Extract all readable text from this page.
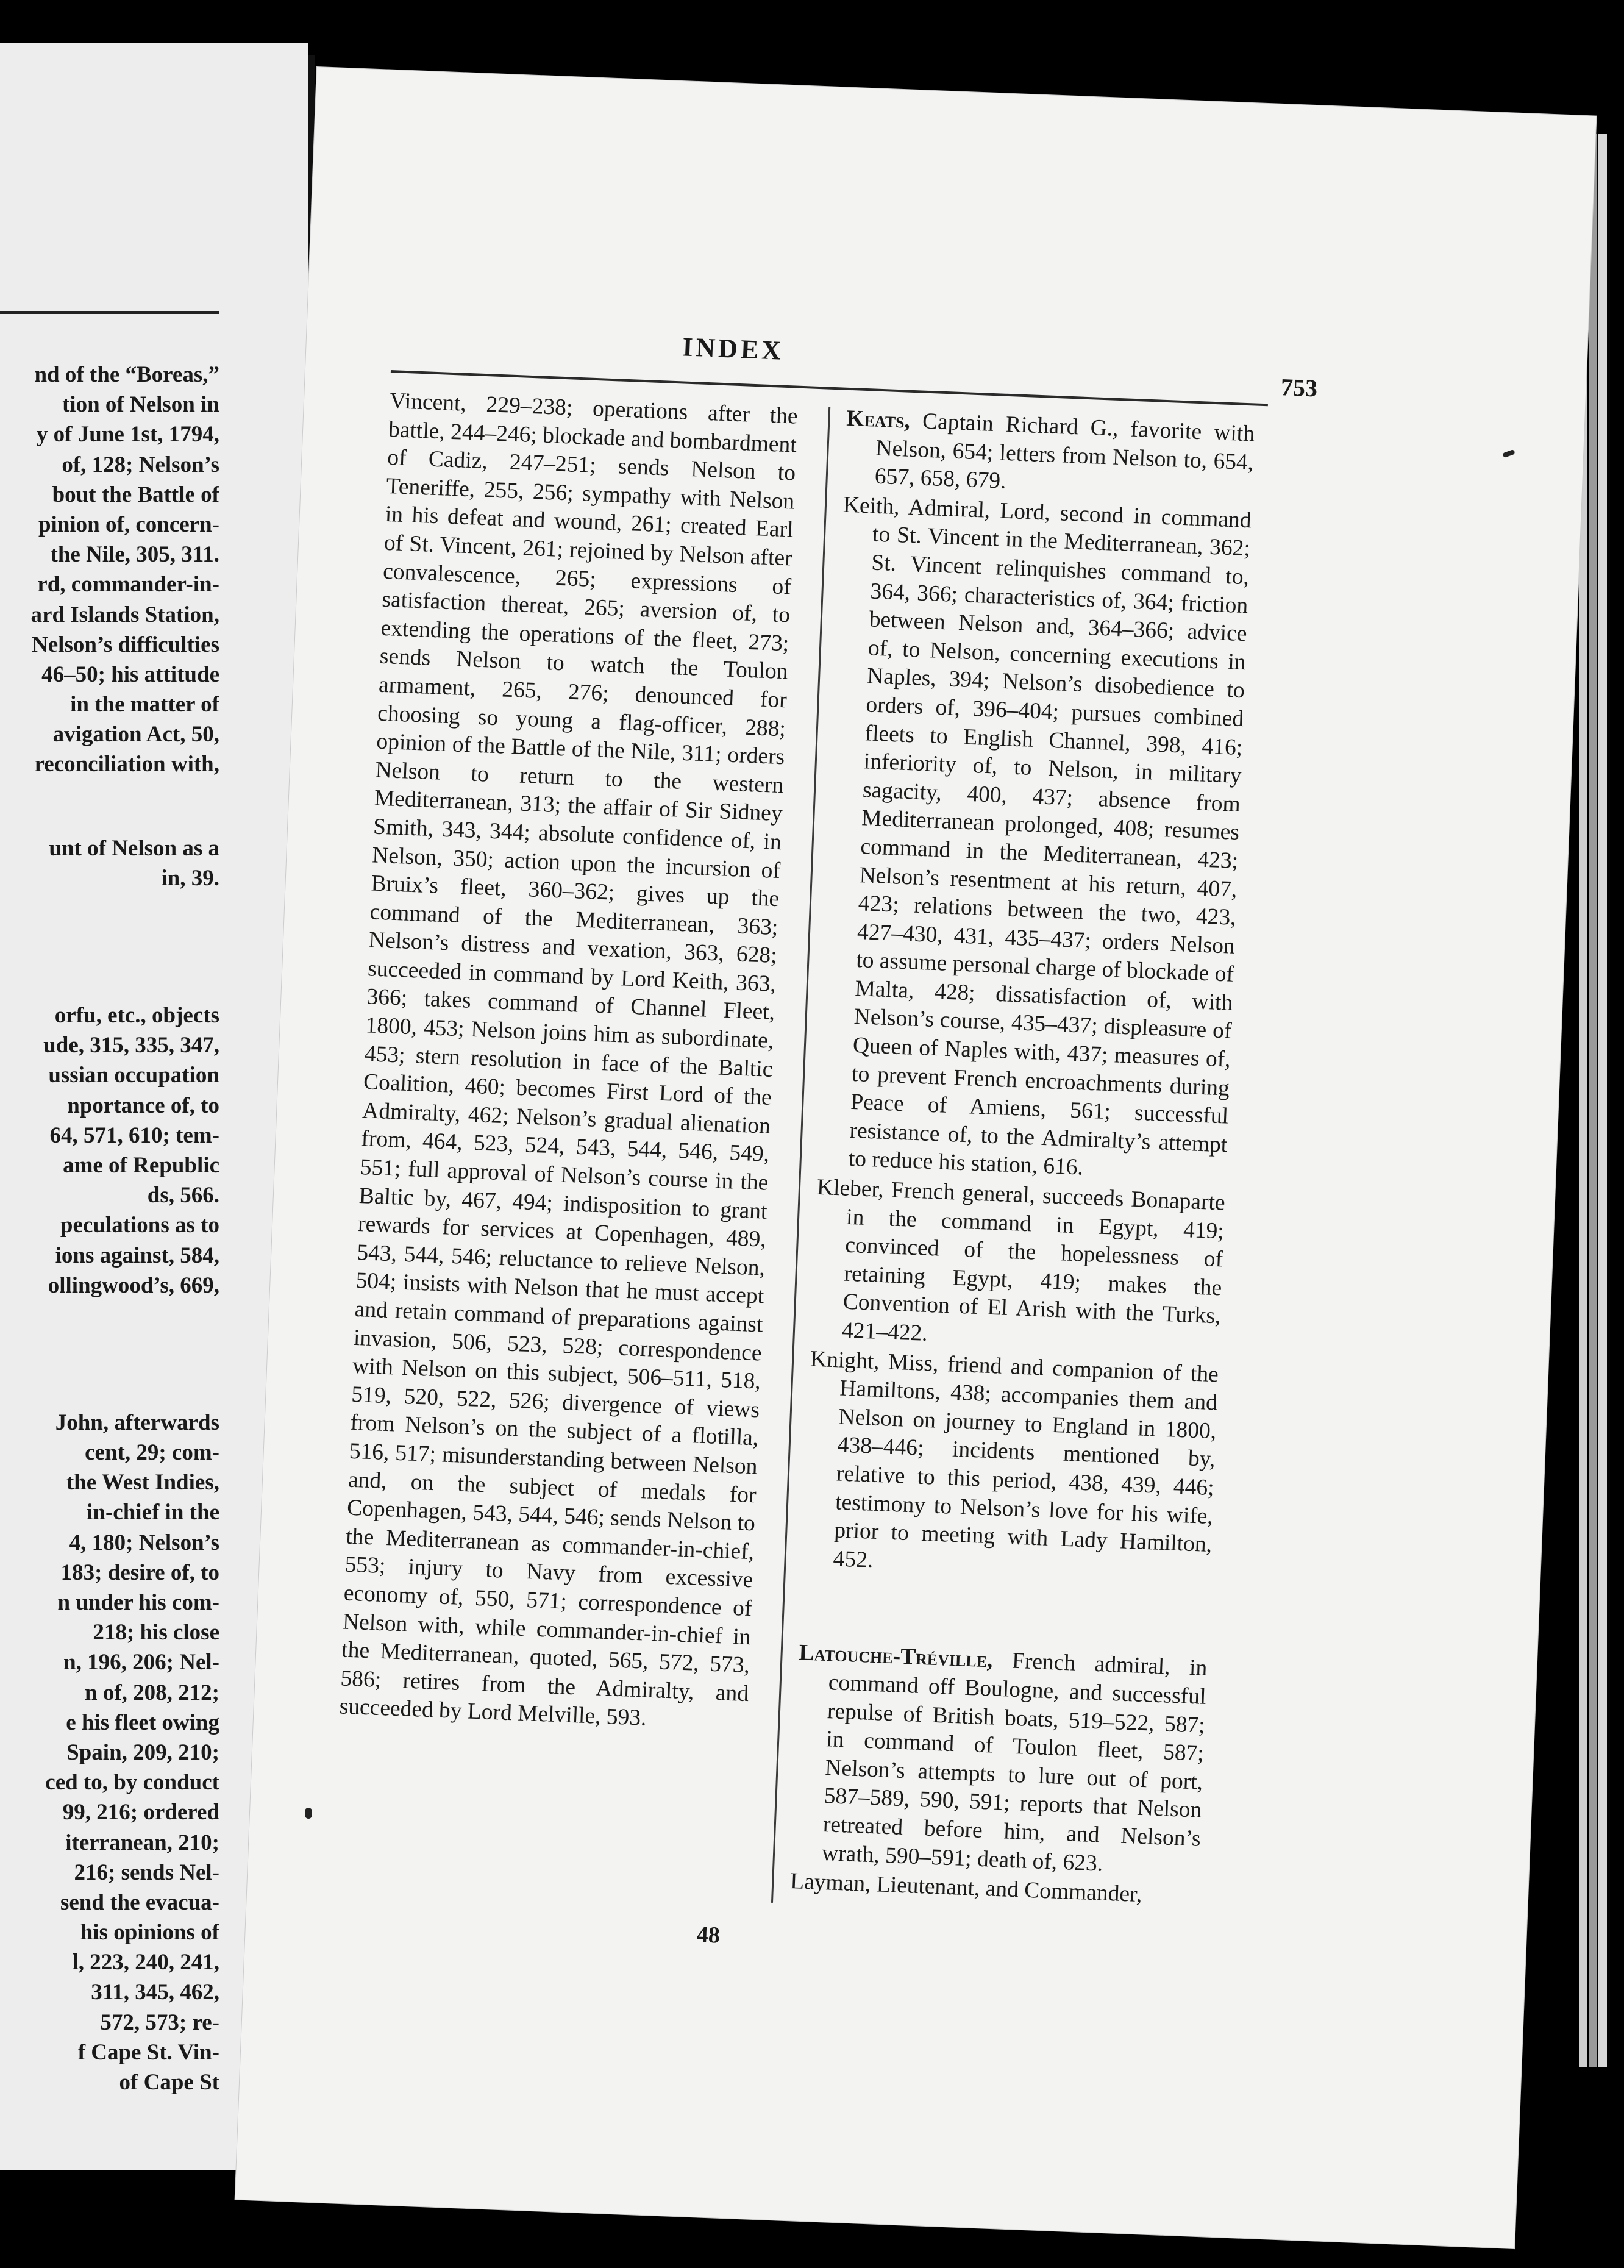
nd of the “Boreas,”
tion of Nelson in
y of June 1st, 1794,
of, 128; Nelson’s
bout the Battle of
pinion of, concern-
the Nile, 305, 311.
rd, commander-in-
ard Islands Station,
Nelson’s difficulties
46–50; his attitude
in the matter of
avigation Act, 50,
reconciliation with,
unt of Nelson as a
in, 39.
orfu, etc., objects
ude, 315, 335, 347,
ussian occupation
nportance of, to
64, 571, 610; tem-
ame of Republic
ds, 566.
peculations as to
ions against, 584,
ollingwood’s, 669,
John, afterwards
cent, 29; com-
the West Indies,
in-chief in the
4, 180; Nelson’s
183; desire of, to
n under his com-
218; his close
n, 196, 206; Nel-
n of, 208, 212;
e his fleet owing
Spain, 209, 210;
ced to, by conduct
99, 216; ordered
iterranean, 210;
216; sends Nel-
send the evacua-
his opinions of
l, 223, 240, 241,
311, 345, 462,
572, 573; re-
f Cape St. Vin-
of Cape St
INDEX
753

Vincent, 229–238; operations after the battle, 244–246; blockade and bombardment of Cadiz, 247–251; sends Nelson to Teneriffe, 255, 256; sympathy with Nelson in his defeat and wound, 261; created Earl of St. Vincent, 261; rejoined by Nelson after convalescence, 265; expressions of satisfaction thereat, 265; aversion of, to extending the operations of the fleet, 273; sends Nelson to watch the Toulon armament, 265, 276; denounced for choosing so young a flag-officer, 288; opinion of the Battle of the Nile, 311; orders Nelson to return to the western Mediterranean, 313; the affair of Sir Sidney Smith, 343, 344; absolute confidence of, in Nelson, 350; action upon the incursion of Bruix’s fleet, 360–362; gives up the command of the Mediterranean, 363; Nelson’s distress and vexation, 363, 628; succeeded in command by Lord Keith, 363, 366; takes command of Channel Fleet, 1800, 453; Nelson joins him as subordinate, 453; stern resolution in face of the Baltic Coalition, 460; becomes First Lord of the Admiralty, 462; Nelson’s gradual alienation from, 464, 523, 524, 543, 544, 546, 549, 551; full approval of Nelson’s course in the Baltic by, 467, 494; indisposition to grant rewards for services at Copenhagen, 489, 543, 544, 546; reluctance to relieve Nelson, 504; insists with Nelson that he must accept and retain command of preparations against invasion, 506, 523, 528; correspondence with Nelson on this subject, 506–511, 518, 519, 520, 522, 526; divergence of views from Nelson’s on the subject of a flotilla, 516, 517; misunderstanding between Nelson and, on the subject of medals for Copenhagen, 543, 544, 546; sends Nelson to the Mediterranean as commander-in-chief, 553; injury to Navy from excessive economy of, 550, 571; correspondence of Nelson with, while commander-in-chief in the Mediterranean, quoted, 565, 572, 573, 586; retires from the Admiralty, and succeeded by Lord Melville, 593.

Keats, Captain Richard G., favorite with Nelson, 654; letters from Nelson to, 654, 657, 658, 679.

Keith, Admiral, Lord, second in command to St. Vincent in the Mediterranean, 362; St. Vincent relinquishes command to, 364, 366; characteristics of, 364; friction between Nelson and, 364–366; advice of, to Nelson, concerning executions in Naples, 394; Nelson’s disobedience to orders of, 396–404; pursues combined fleets to English Channel, 398, 416; inferiority of, to Nelson, in military sagacity, 400, 437; absence from Mediterranean prolonged, 408; resumes command in the Mediterranean, 423; Nelson’s resentment at his return, 407, 423; relations between the two, 423, 427–430, 431, 435–437; orders Nelson to assume personal charge of blockade of Malta, 428; dissatisfaction of, with Nelson’s course, 435–437; displeasure of Queen of Naples with, 437; measures of, to prevent French encroachments during Peace of Amiens, 561; successful resistance of, to the Admiralty’s attempt to reduce his station, 616.

Kleber, French general, succeeds Bonaparte in the command in Egypt, 419; convinced of the hopelessness of retaining Egypt, 419; makes the Convention of El Arish with the Turks, 421–422.

Knight, Miss, friend and companion of the Hamiltons, 438; accompanies them and Nelson on journey to England in 1800, 438–446; incidents mentioned by, relative to this period, 438, 439, 446; testimony to Nelson’s love for his wife, prior to meeting with Lady Hamilton, 452.

Latouche-Tréville, French admiral, in command off Boulogne, and successful repulse of British boats, 519–522, 587; in command of Toulon fleet, 587; Nelson’s attempts to lure out of port, 587–589, 590, 591; reports that Nelson retreated before him, and Nelson’s wrath, 590–591; death of, 623.

Layman, Lieutenant, and Commander,

48
